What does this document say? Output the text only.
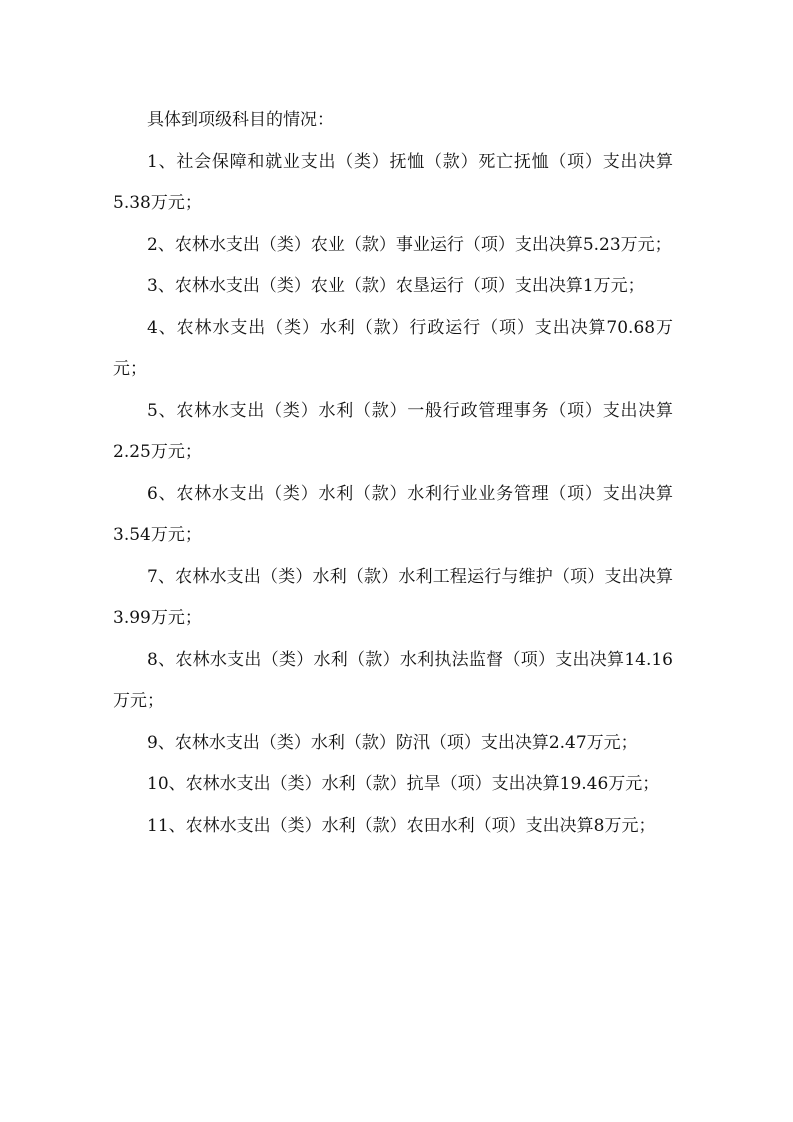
具体到项级科目的情况：

1、社会保障和就业支出（类）抚恤（款）死亡抚恤（项）支出决算5.38万元；

2、农林水支出（类）农业（款）事业运行（项）支出决算5.23万元；

3、农林水支出（类）农业（款）农垦运行（项）支出决算1万元；

4、农林水支出（类）水利（款）行政运行（项）支出决算70.68万元；

5、农林水支出（类）水利（款）一般行政管理事务（项）支出决算2.25万元；

6、农林水支出（类）水利（款）水利行业业务管理（项）支出决算3.54万元；

7、农林水支出（类）水利（款）水利工程运行与维护（项）支出决算3.99万元；

8、农林水支出（类）水利（款）水利执法监督（项）支出决算14.16万元；

9、农林水支出（类）水利（款）防汛（项）支出决算2.47万元；

10、农林水支出（类）水利（款）抗旱（项）支出决算19.46万元；

11、农林水支出（类）水利（款）农田水利（项）支出决算8万元；
